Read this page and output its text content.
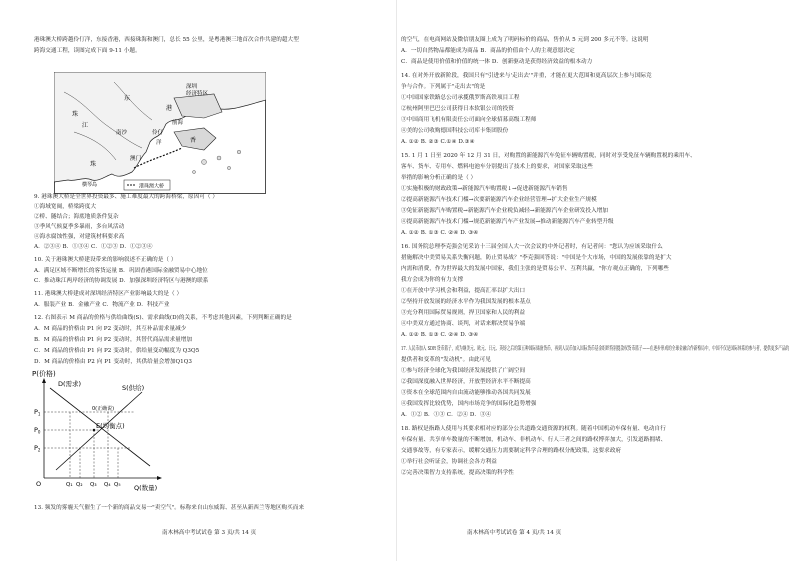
港珠澳大桥跨越伶仃洋，东接香港，西接珠海和澳门，总长 55 公里，是粤港澳三地首次合作共建的超大型
跨海交通工程，读图完成下面 9-11 小题。
深圳经济特区
东
江
珠
港
伶仃
洋
南沙
前海
香
澳门
珠
横琴岛	港珠澳大桥
9. 港珠澳大桥是全世界投资最多、施工难度最大的跨海桥梁，原因可（ ）
①海域宽阔，桥梁跨度大
②桥、隧结合；海底地质条件复杂
③季风气候夏季多暴雨，多台风活动
④海水腐蚀性强，对建筑材料要求高
A．②③④ B．①③④ C．①②③ D．①②③④
10. 关于港珠澳大桥建设带来的影响叙述不正确的是（ ）
A．满足区域不断增长的客货运量 B．巩固香港国际金融贸易中心地位
C．推动珠江两岸经济的协调发展 D．加强深圳经济特区与港澳的联系
11. 港珠澳大桥建成对深圳经济特区产业影响最大的是（ ）
A．服装产业 B．金融产业 C．物流产业 D．科技产业
12. 右图表示 M 商品的价格与供给曲线(S)、需求曲线(D)的关系，不考虑其他因素，下列判断正确的是
A．M 商品的价格由 P1 向 P2 变动时，其互补品需求量减少
B．M 商品的价格由 P1 向 P2 变动时，其替代商品需求量增加
C．M 商品的价格由 P1 向 P2 变动时，供给量变动幅度为 Q3Q5
D．M 商品的价格由 P2 向 P1 变动时，其供给量会增加Q1Q3
P(价格)
D(需求)	S(供给)
0(正确说)
E(均衡点)
$P_1$
$P_0$
$P_2$
O	Q₁ Q₂ Q₃ Q₄ Q₅ Q(数量)
13. 频发的雾霾天气催生了一个新的商品交易一"卖空气"。标称来自山东威海、甚至从新西兰等地区购买而来
南木林高中考试试卷 第 3 页/共 14 页
的空气，在电商网站及微信朋友圈上成为了明码标价的商品，售价从 5 元到 200 多元不等。这说明
A．一切自然物品都能成为商品 B．商品的价值由个人的主观意愿决定
C．商品是使用价值和价值的统一体 D．创新驱动是获得经济效益的根本动力
14. 在对外开放新阶段，我国只有"引进来与'走出去'"并重，才能在更大范围和更高层次上参与国际竞
争与合作。下列属于"走出去"的是
①中国国家铁路总公司承揽俄罗斯高铁项目工程
②杭州阿里巴巴公司获得日本软银公司的投资
③中国商用飞机有限责任公司面向全球招募高级工程师
④美的公司收购德国科技公司库卡集团股份
A. ①② B. ②③ C.①④ D.③④
15. 1 月 1 日至 2020 年 12 月 31 日，对购置的新能源汽车免征车辆购置税，同时对享受免征车辆购置税的乘用车、
客车、货车、专用车、燃料电池车分别提出了技术上的要求，对国家采取这些
举措的影响分析正确的是（ ）
①实施积极的财政政策→新能源汽车购置税↓→促进新能源汽车销售
②提高新能源汽车技术门槛→次要新能源汽车企业经营管理→扩大企业生产规模
③免征新能源汽车购置税→新能源汽车企业税负减轻→新能源汽车企业研发投入增加
④提高新能源汽车技术门槛→规范新能源汽车产业发展→推动新能源汽车产业转型升级
A. ①② B. ①③ C. ②④ D. ③④
16. 国务院总理李克强会见采访十三届全国人大一次会议的中外记者时，有记者问："您认为应该采取什么
措施解决中美贸易关系失衡问题，防止贸易战？"李克强回答说："中国是个大市场，中国的发展依靠的是扩大
内需和消费，作为世界最大的发展中国家，我们主张的是贸易公平、互利共赢，"你方观点正确的，下列哪些
我方会成为你的有力支撑
①在开放中学习机会和利益，提高汇率以扩大出口
②坚持开放发展的经济水平作为我国发展的根本基点
③充分利用国际贸易规则，捍卫国家和人民的利益
④中美双方通过协商、谈判，对话来解决贸易争端
A. ①② B. ①③ C. ②④ D. ③④
17. 人民币加入 SDR 货币篮子，成为继美元、欧元、日元、英镑之后的第五种国际储备货币，再到人民币加入国际货币基金组织特别提款权货币篮子——在逐步形成的全球金融合作新格局中，中国不仅是国际体系的参与者，提供更多产品的
提供者和变革的"发动机"。由此可见
①参与经济全球化为我国经济发展提供了广阔空间
②我国深度融入世界经济，开放型经济水平不断提高
③资本在全球范围内自由流动能够推动各国共同发展
④我国发挥比较优势，国内市场竞争的国际化趋势增强
A．①② B．①③ C．②④ D．③④
18. 路权是指路人使用与其要求相对应的部分公共道路交通资源的权利。随着中国机动车保有量、电动自行
车保有量、共享单车数量的不断增加，机动车、非机动车、行人三者之间的路权博弈加大，引发道路拥堵、
交通事故等，有专家表示，缓解交通压力需要制定科学合理的路权分配政策，这要求政府
①举行社会听证会，协调社会各方利益
②完善决策智力支持系统，提高决策的科学性
南木林高中考试试卷 第 4 页/共 14 页
